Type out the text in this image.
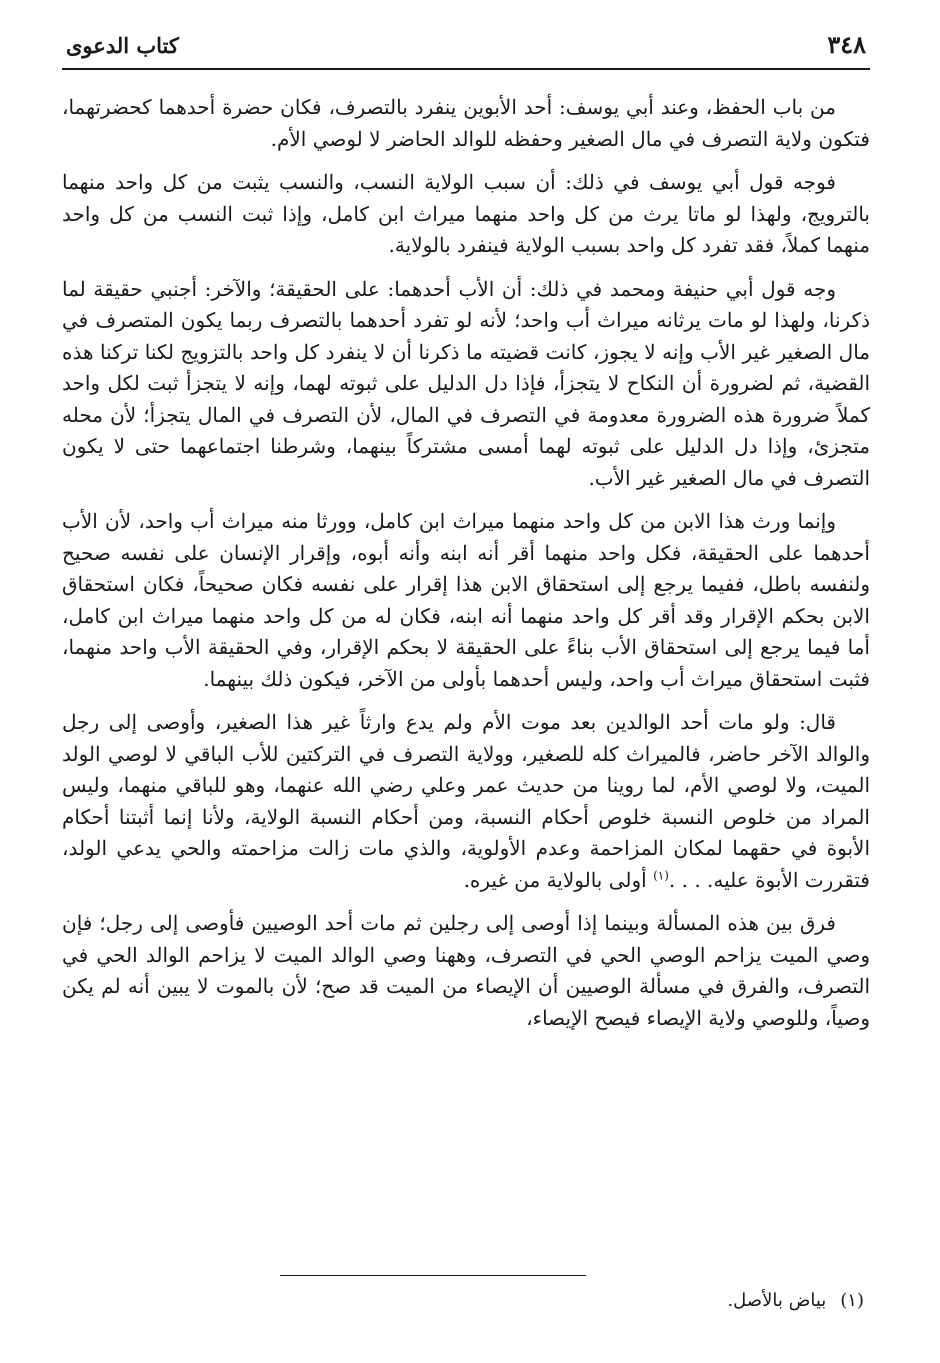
٣٤٨
كتاب الدعوى

من باب الحفظ، وعند أبي يوسف: أحد الأبوين ينفرد بالتصرف، فكان حضرة أحدهما كحضرتهما، فتكون ولاية التصرف في مال الصغير وحفظه للوالد الحاضر لا لوصي الأم.

فوجه قول أبي يوسف في ذلك: أن سبب الولاية النسب، والنسب يثبت من كل واحد منهما بالترويج، ولهذا لو ماتا يرث من كل واحد منهما ميراث ابن كامل، وإذا ثبت النسب من كل واحد منهما كملاً، فقد تفرد كل واحد بسبب الولاية فينفرد بالولاية.

وجه قول أبي حنيفة ومحمد في ذلك: أن الأب أحدهما: على الحقيقة؛ والآخر: أجنبي حقيقة لما ذكرنا، ولهذا لو مات يرثانه ميراث أب واحد؛ لأنه لو تفرد أحدهما بالتصرف ربما يكون المتصرف في مال الصغير غير الأب وإنه لا يجوز، كانت قضيته ما ذكرنا أن لا ينفرد كل واحد بالتزويج لكنا تركنا هذه القضية، ثم لضرورة أن النكاح لا يتجزأ، فإذا دل الدليل على ثبوته لهما، وإنه لا يتجزأ ثبت لكل واحد كملاً ضرورة هذه الضرورة معدومة في التصرف في المال، لأن التصرف في المال يتجزأ؛ لأن محله متجزئ، وإذا دل الدليل على ثبوته لهما أمسى مشتركاً بينهما، وشرطنا اجتماعهما حتى لا يكون التصرف في مال الصغير غير الأب.

وإنما ورث هذا الابن من كل واحد منهما ميراث ابن كامل، وورثا منه ميراث أب واحد، لأن الأب أحدهما على الحقيقة، فكل واحد منهما أقر أنه ابنه وأنه أبوه، وإقرار الإنسان على نفسه صحيح ولنفسه باطل، ففيما يرجع إلى استحقاق الابن هذا إقرار على نفسه فكان صحيحاً، فكان استحقاق الابن بحكم الإقرار وقد أقر كل واحد منهما أنه ابنه، فكان له من كل واحد منهما ميراث ابن كامل، أما فيما يرجع إلى استحقاق الأب بناءً على الحقيقة لا بحكم الإقرار، وفي الحقيقة الأب واحد منهما، فثبت استحقاق ميراث أب واحد، وليس أحدهما بأولى من الآخر، فيكون ذلك بينهما.

قال: ولو مات أحد الوالدين بعد موت الأم ولم يدع وارثاً غير هذا الصغير، وأوصى إلى رجل والوالد الآخر حاضر، فالميراث كله للصغير، وولاية التصرف في التركتين للأب الباقي لا لوصي الولد الميت، ولا لوصي الأم، لما روينا من حديث عمر وعلي رضي الله عنهما، وهو للباقي منهما، وليس المراد من خلوص النسبة خلوص أحكام النسبة، ومن أحكام النسبة الولاية، ولأنا إنما أثبتنا أحكام الأبوة في حقهما لمكان المزاحمة وعدم الأولوية، والذي مات زالت مزاحمته والحي يدعي الولد، فتقررت الأبوة عليه. . . .$^{(١)}$ أولى بالولاية من غيره.

فرق بين هذه المسألة وبينما إذا أوصى إلى رجلين ثم مات أحد الوصيين فأوصى إلى رجل؛ فإن وصي الميت يزاحم الوصي الحي في التصرف، وههنا وصي الوالد الميت لا يزاحم الوالد الحي في التصرف، والفرق في مسألة الوصيين أن الإيصاء من الميت قد صح؛ لأن بالموت لا يبين أنه لم يكن وصياً، وللوصي ولاية الإيصاء فيصح الإيصاء،

(١)
بياض بالأصل.
